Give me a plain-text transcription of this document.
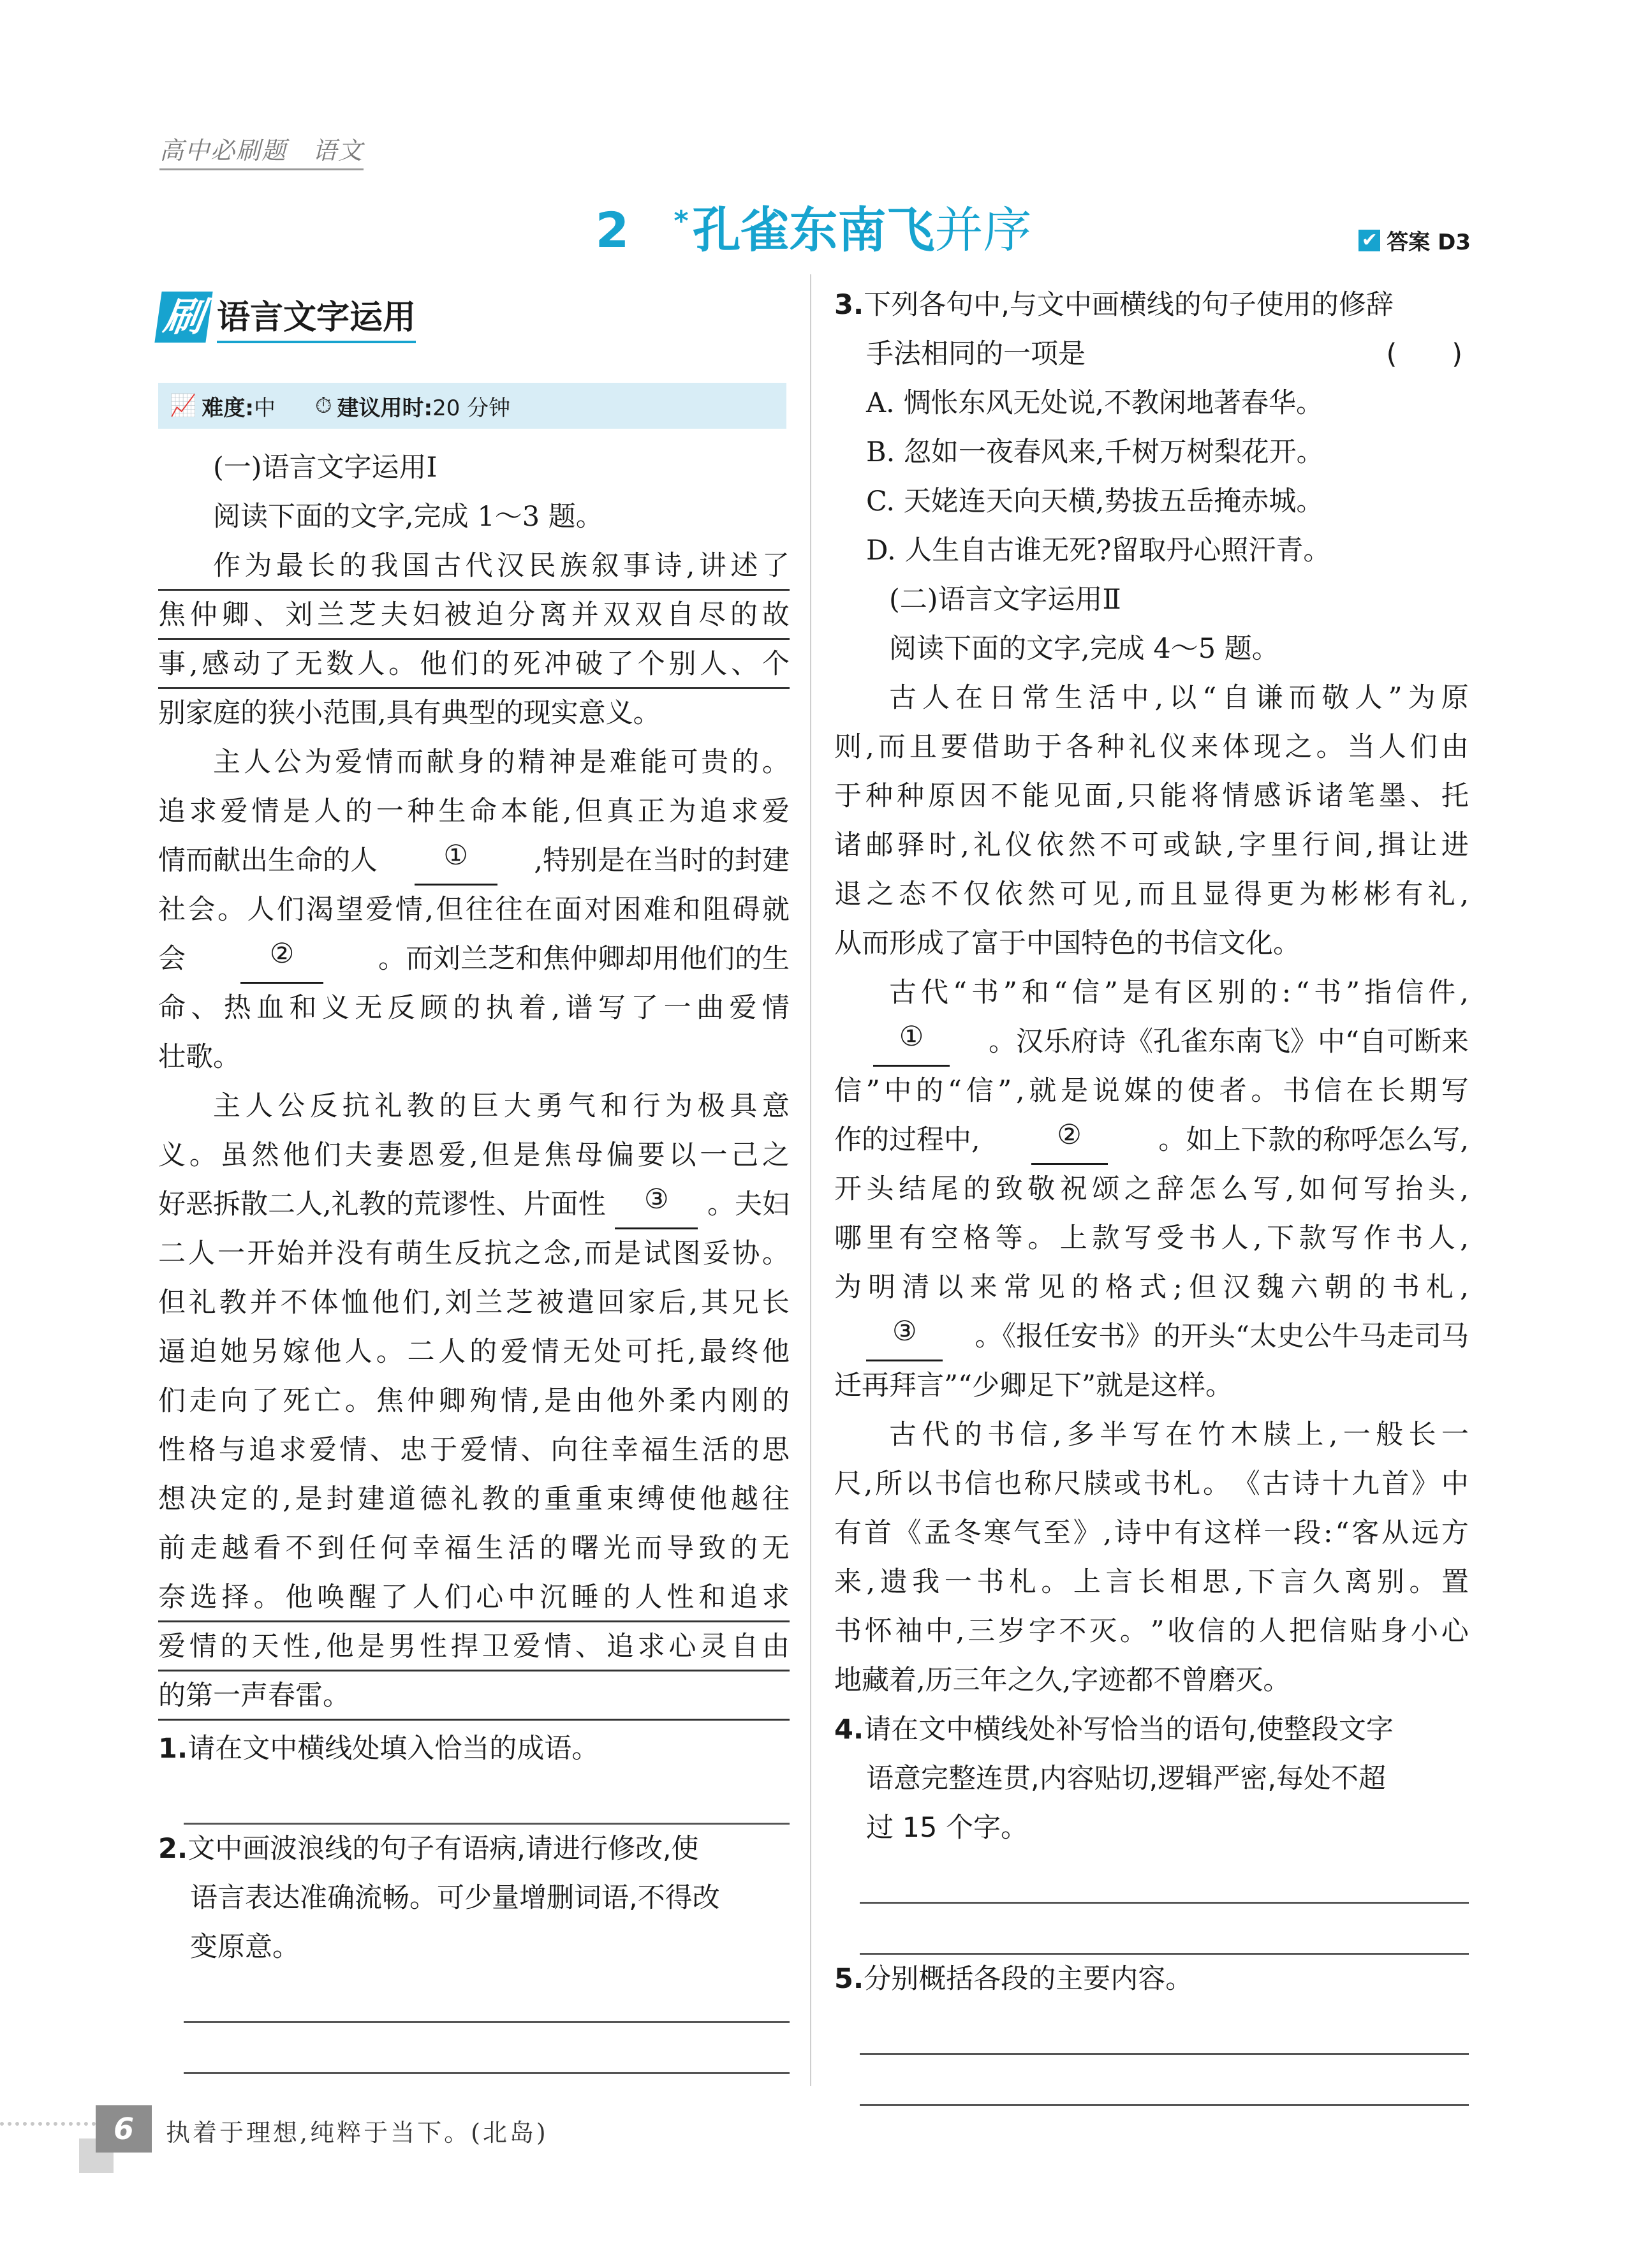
高中必刷题　语文
2 *孔雀东南飞并序	✔ 答案 D3
刷 语言文字运用
📈 难度: 中 ⏱ 建议用时: 20 分钟
(一)语言文字运用Ⅰ
阅读下面的文字,完成 1～3 题。
作 为 最 长 的 我 国 古 代 汉 民 族 叙 事 诗 , 讲 述 了
焦 仲 卿 、 刘 兰 芝 夫 妇 被 迫 分 离 并 双 双 自 尽 的 故
事 , 感 动 了 无 数 人 。 他 们 的 死 冲 破 了 个 别 人 、 个
别家庭的狭小范围,具有典型的现实意义。
主 人 公 为 爱 情 而 献 身 的 精 神 是 难 能 可 贵 的 。
追 求 爱 情 是 人 的 一 种 生 命 本 能 , 但 真 正 为 追 求 爱
情而献出生命的人	①	,特别是在当时的封建
社 会 。 人 们 渴 望 爱 情 , 但 往 往 在 面 对 困 难 和 阻 碍 就
会	②	。而刘兰芝和焦仲卿却用他们的生
命 、 热 血 和 义 无 反 顾 的 执 着 , 谱 写 了 一 曲 爱 情
壮歌。
主 人 公 反 抗 礼 教 的 巨 大 勇 气 和 行 为 极 具 意
义 。 虽 然 他 们 夫 妻 恩 爱 , 但 是 焦 母 偏 要 以 一 己 之
好恶拆散二人,礼教的荒谬性、片面性	③	。夫妇
二 人 一 开 始 并 没 有 萌 生 反 抗 之 念 , 而 是 试 图 妥 协 。
但 礼 教 并 不 体 恤 他 们 , 刘 兰 芝 被 遣 回 家 后 , 其 兄 长
逼 迫 她 另 嫁 他 人 。 二 人 的 爱 情 无 处 可 托 , 最 终 他
们 走 向 了 死 亡 。 焦 仲 卿 殉 情 , 是 由 他 外 柔 内 刚 的
性 格 与 追 求 爱 情 、 忠 于 爱 情 、 向 往 幸 福 生 活 的 思
想 决 定 的 , 是 封 建 道 德 礼 教 的 重 重 束 缚 使 他 越 往
前 走 越 看 不 到 任 何 幸 福 生 活 的 曙 光 而 导 致 的 无
奈 选 择 。 他 唤 醒 了 人 们 心 中 沉 睡 的 人 性 和 追 求
爱 情 的 天 性 , 他 是 男 性 捍 卫 爱 情 、 追 求 心 灵 自 由
的第一声春雷。
1. 请在文中横线处填入恰当的成语。
2. 文中画波浪线的句子有语病,请进行修改,使
语言表达准确流畅。可少量增删词语,不得改
变原意。
3. 下列各句中,与文中画横线的句子使用的修辞
手法相同的一项是	(　　)
A. 惆怅东风无处说,不教闲地著春华。
B. 忽如一夜春风来,千树万树梨花开。
C. 天姥连天向天横,势拔五岳掩赤城。
D. 人生自古谁无死?留取丹心照汗青。
(二)语言文字运用Ⅱ
阅读下面的文字,完成 4～5 题。
古 人 在 日 常 生 活 中 , 以 “ 自 谦 而 敬 人 ” 为 原
则 , 而 且 要 借 助 于 各 种 礼 仪 来 体 现 之 。 当 人 们 由
于 种 种 原 因 不 能 见 面 , 只 能 将 情 感 诉 诸 笔 墨 、 托
诸 邮 驿 时 , 礼 仪 依 然 不 可 或 缺 , 字 里 行 间 , 揖 让 进
退 之 态 不 仅 依 然 可 见 , 而 且 显 得 更 为 彬 彬 有 礼 ,
从而形成了富于中国特色的书信文化。
古 代 “ 书 ” 和 “ 信 ” 是 有 区 别 的 : “ 书 ” 指 信 件 ,
①	。汉乐府诗《孔雀东南飞》中“自可断来
信 ” 中 的 “ 信 ” , 就 是 说 媒 的 使 者 。 书 信 在 长 期 写
作的过程中,	②	。如上下款的称呼怎么写,
开 头 结 尾 的 致 敬 祝 颂 之 辞 怎 么 写 , 如 何 写 抬 头 ,
哪 里 有 空 格 等 。 上 款 写 受 书 人 , 下 款 写 作 书 人 ,
为 明 清 以 来 常 见 的 格 式 ; 但 汉 魏 六 朝 的 书 札 ,
③	。《报任安书》的开头“太史公牛马走司马
迁再拜言”“少卿足下”就是这样。
古 代 的 书 信 , 多 半 写 在 竹 木 牍 上 , 一 般 长 一
尺 , 所 以 书 信 也 称 尺 牍 或 书 札 。 《 古 诗 十 九 首 》 中
有 首 《 孟 冬 寒 气 至 》 , 诗 中 有 这 样 一 段 : “ 客 从 远 方
来 , 遗 我 一 书 札 。 上 言 长 相 思 , 下 言 久 离 别 。 置
书 怀 袖 中 , 三 岁 字 不 灭 。 ” 收 信 的 人 把 信 贴 身 小 心
地藏着,历三年之久,字迹都不曾磨灭。
4. 请在文中横线处补写恰当的语句,使整段文字
语意完整连贯,内容贴切,逻辑严密,每处不超
过 15 个字。
5. 分别概括各段的主要内容。
6	执着于理想,纯粹于当下。(北岛)
